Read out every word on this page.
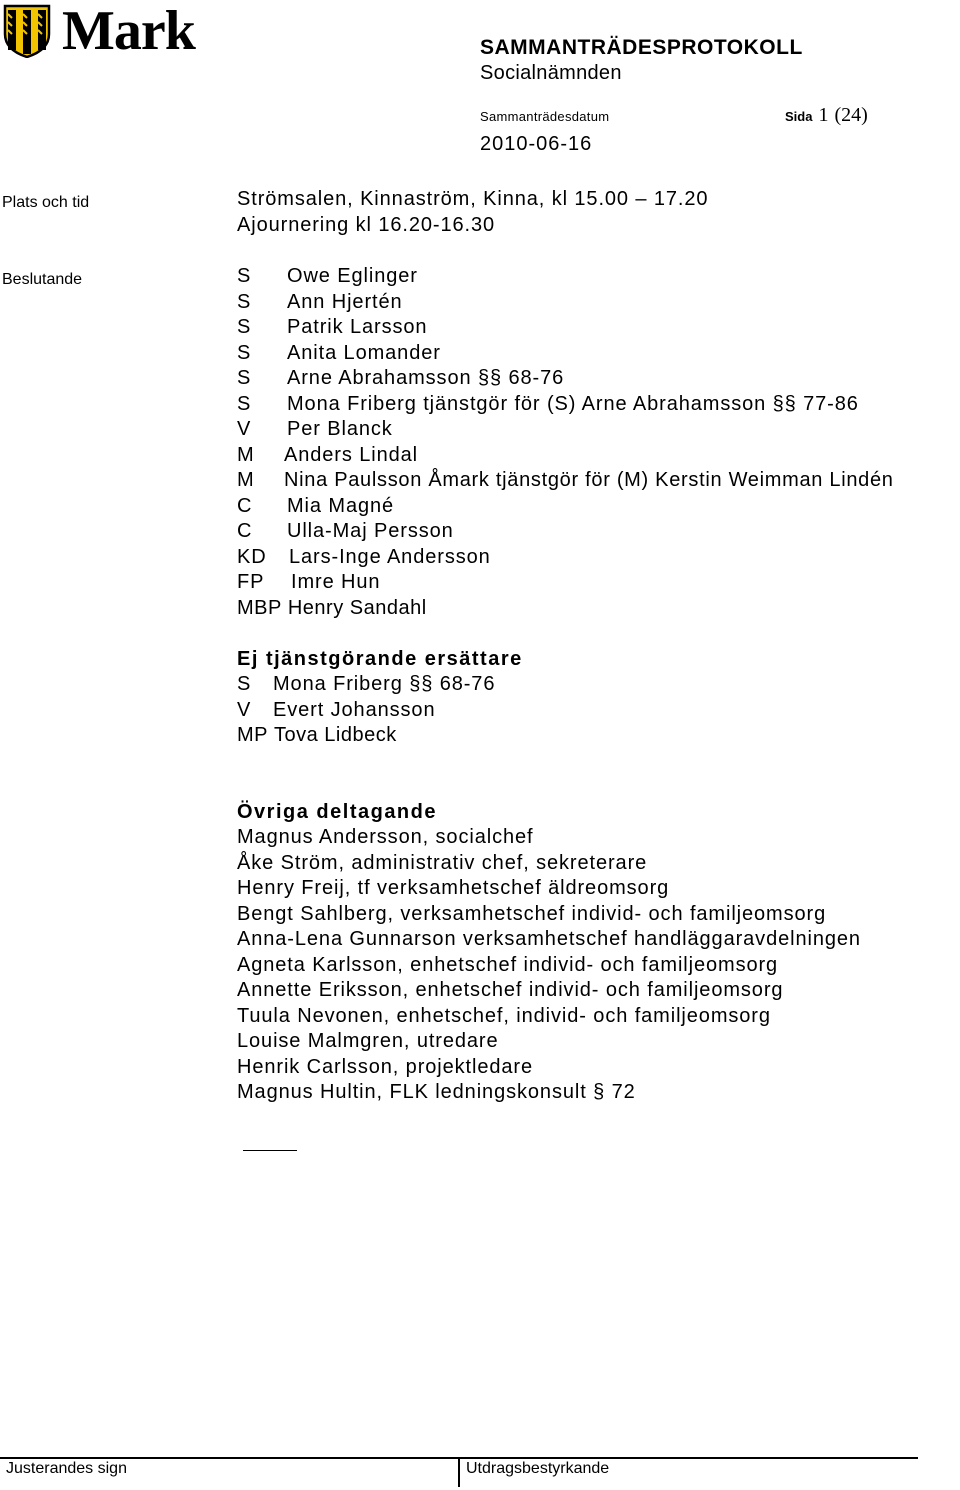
Mark	SAMMANTRÄDESPROTOKOLL
Socialnämnden
Sammanträdesdatum	Sida 1 (24)
2010-06-16
Plats och tid	Strömsalen, Kinnaström, Kinna, kl 15.00 – 17.20
Ajournering kl 16.20-16.30
Beslutande	S Owe Eglinger
S Ann Hjertén
S Patrik Larsson
S Anita Lomander
S Arne Abrahamsson §§ 68-76
S Mona Friberg tjänstgör för (S) Arne Abrahamsson §§ 77-86
V Per Blanck
M Anders Lindal
M Nina Paulsson Åmark tjänstgör för (M) Kerstin Weimman Lindén
C Mia Magné
C Ulla-Maj Persson
KD Lars-Inge Andersson
FP Imre Hun
MBP Henry Sandahl
Ej tjänstgörande ersättare
S Mona Friberg §§ 68-76
V Evert Johansson
MP Tova Lidbeck
Övriga deltagande
Magnus Andersson, socialchef
Åke Ström, administrativ chef, sekreterare
Henry Freij, tf verksamhetschef äldreomsorg
Bengt Sahlberg, verksamhetschef individ- och familjeomsorg
Anna-Lena Gunnarson verksamhetschef handläggaravdelningen
Agneta Karlsson, enhetschef individ- och familjeomsorg
Annette Eriksson, enhetschef individ- och familjeomsorg
Tuula Nevonen, enhetschef, individ- och familjeomsorg
Louise Malmgren, utredare
Henrik Carlsson, projektledare
Magnus Hultin, FLK ledningskonsult § 72
Justerandes sign	Utdragsbestyrkande
